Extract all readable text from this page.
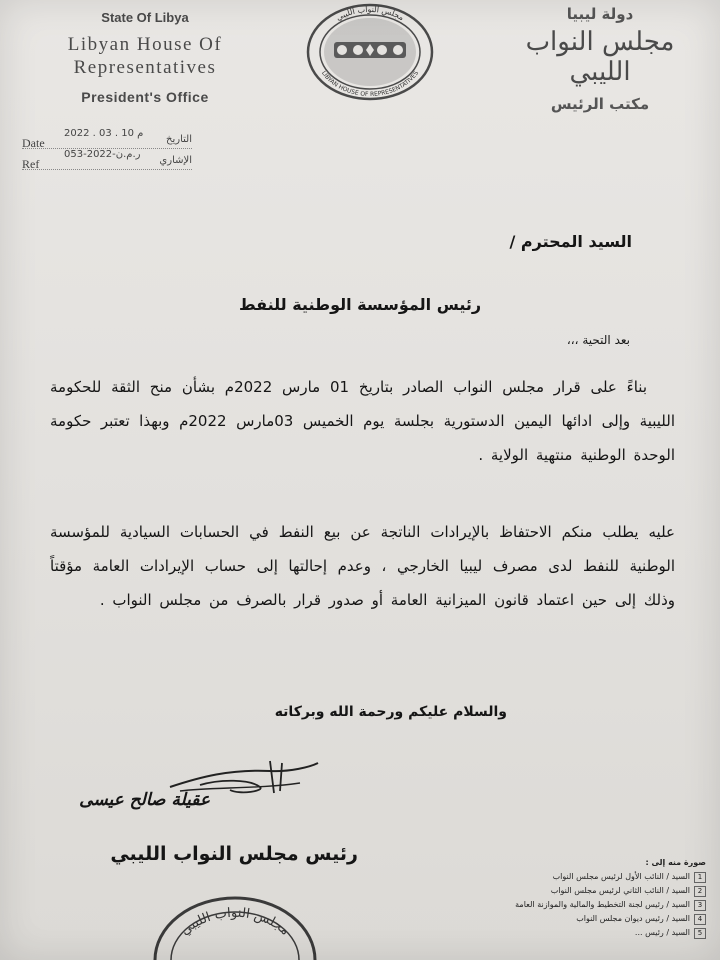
State Of Libya
Libyan House Of
Representatives
President's Office
مجلس النواب الليبي
LIBYAN HOUSE OF REPRESENTATIVES
دولة ليبيا
مجلس النواب الليبي
مكتب الرئيس
Date
2022 . 03 . 10 م
التاريخ
Ref
ر.م.ن-2022-053
الإشاري
السيد المحترم /
رئيس المؤسسة الوطنية للنفط
بعد التحية ،،،
بناءً على قرار مجلس النواب الصادر بتاريخ 01 مارس 2022م بشأن منح الثقة للحكومة الليبية وإلى ادائها اليمين الدستورية بجلسة يوم الخميس 03مارس 2022م وبهذا تعتبر حكومة الوحدة الوطنية منتهية الولاية .
عليه يطلب منكم الاحتفاظ بالإيرادات الناتجة عن بيع النفط في الحسابات السيادية للمؤسسة الوطنية للنفط لدى مصرف ليبيا الخارجي ، وعدم إحالتها إلى حساب الإيرادات العامة مؤقتاً وذلك إلى حين اعتماد قانون الميزانية العامة أو صدور قرار بالصرف من مجلس النواب .
والسلام عليكم ورحمة الله وبركاته
عقيلة صالح عيسى
رئيس مجلس النواب الليبي
مجلس النواب الليبي
صورة منه إلى :
1السيد / النائب الأول لرئيس مجلس النواب
2السيد / النائب الثاني لرئيس مجلس النواب
3السيد / رئيس لجنة التخطيط والمالية والموازنة العامة
4السيد / رئيس ديوان مجلس النواب
5السيد / رئيس ...
